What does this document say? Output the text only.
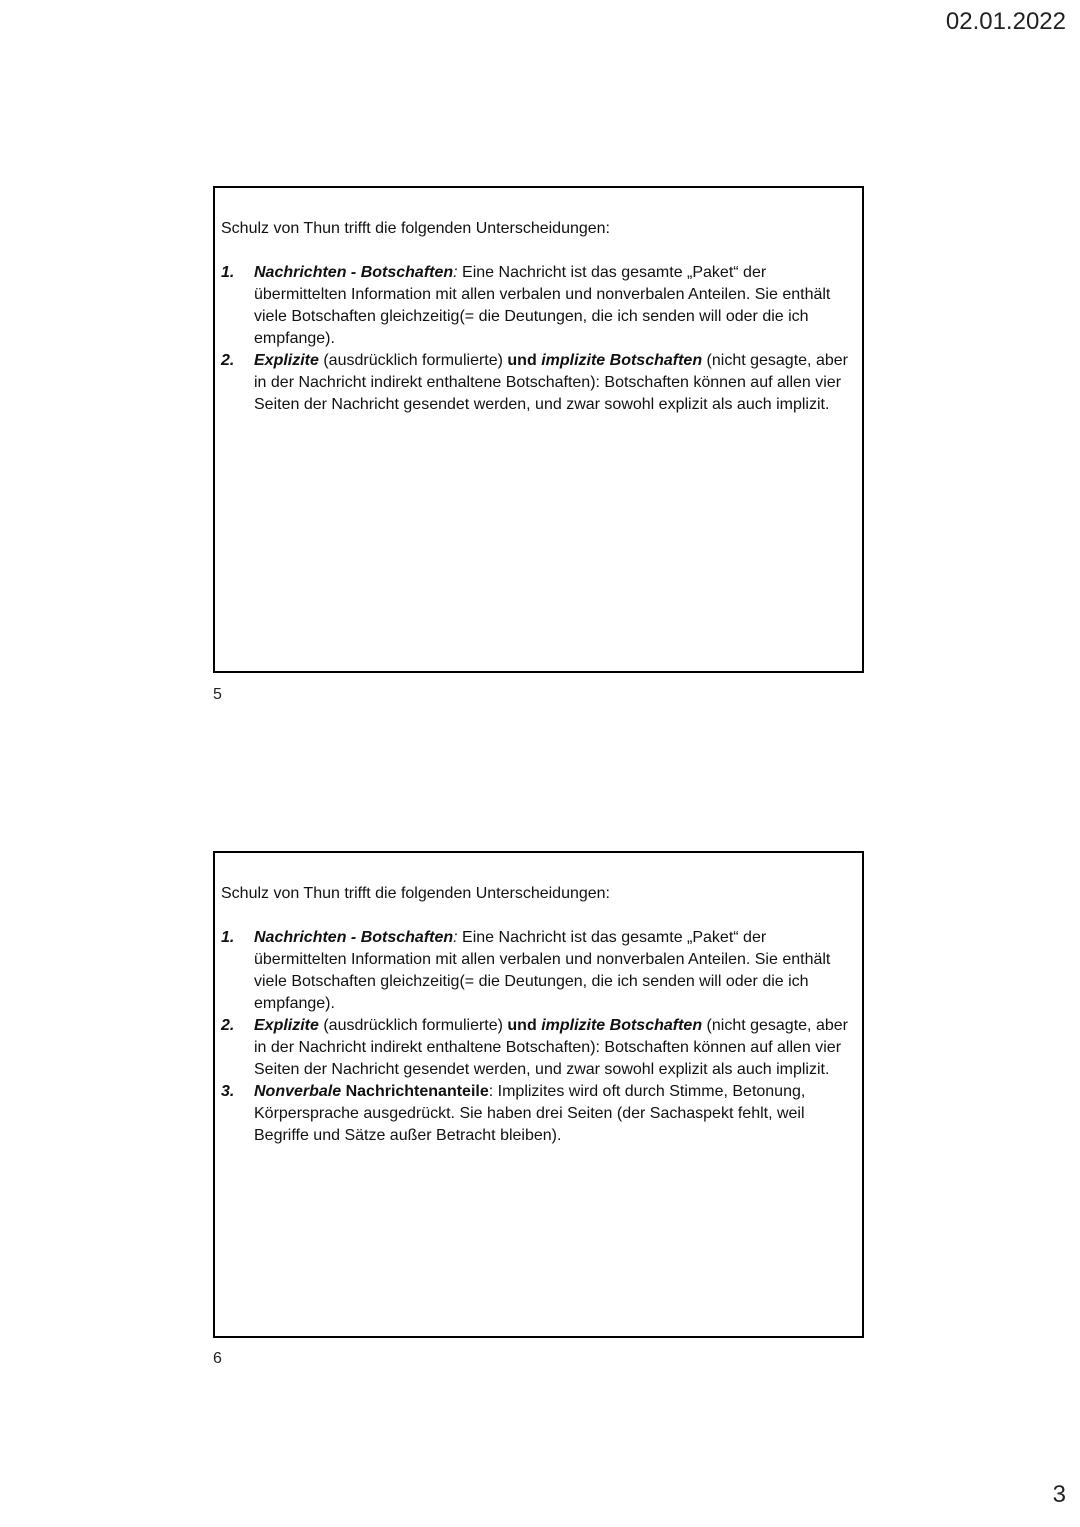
02.01.2022

Schulz von Thun trifft die folgenden Unterscheidungen:

1. Nachrichten - Botschaften: Eine Nachricht ist das gesamte „Paket“ der übermittelten Information mit allen verbalen und nonverbalen Anteilen. Sie enthält viele Botschaften gleichzeitig(= die Deutungen, die ich senden will oder die ich empfange).
2. Explizite (ausdrücklich formulierte) und implizite Botschaften (nicht gesagte, aber in der Nachricht indirekt enthaltene Botschaften): Botschaften können auf allen vier Seiten der Nachricht gesendet werden, und zwar sowohl explizit als auch implizit.
5

Schulz von Thun trifft die folgenden Unterscheidungen:

1. Nachrichten - Botschaften: Eine Nachricht ist das gesamte „Paket“ der übermittelten Information mit allen verbalen und nonverbalen Anteilen. Sie enthält viele Botschaften gleichzeitig(= die Deutungen, die ich senden will oder die ich empfange).
2. Explizite (ausdrücklich formulierte) und implizite Botschaften (nicht gesagte, aber in der Nachricht indirekt enthaltene Botschaften): Botschaften können auf allen vier Seiten der Nachricht gesendet werden, und zwar sowohl explizit als auch implizit.
3. Nonverbale Nachrichtenanteile: Implizites wird oft durch Stimme, Betonung, Körpersprache ausgedrückt. Sie haben drei Seiten (der Sachaspekt fehlt, weil Begriffe und Sätze außer Betracht bleiben).
6
3
